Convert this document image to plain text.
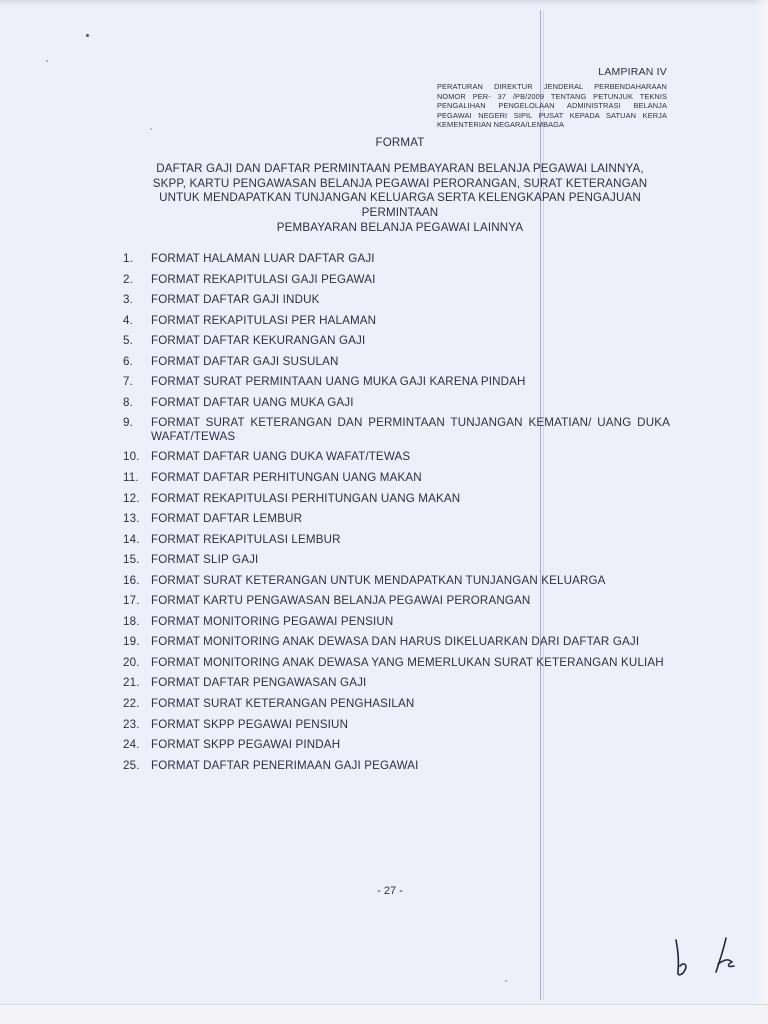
LAMPIRAN IV
PERATURAN DIREKTUR JENDERAL PERBENDAHARAAN
NOMOR PER- 37 /PB/2009 TENTANG PETUNJUK TEKNIS
PENGALIHAN PENGELOLAAN ADMINISTRASI BELANJA
PEGAWAI NEGERI SIPIL PUSAT KEPADA SATUAN KERJA
KEMENTERIAN NEGARA/LEMBAGA
FORMAT
DAFTAR GAJI DAN DAFTAR PERMINTAAN PEMBAYARAN BELANJA PEGAWAI LAINNYA,
SKPP, KARTU PENGAWASAN BELANJA PEGAWAI PERORANGAN, SURAT KETERANGAN
UNTUK MENDAPATKAN TUNJANGAN KELUARGA SERTA KELENGKAPAN PENGAJUAN
PERMINTAAN
PEMBAYARAN BELANJA PEGAWAI LAINNYA
1.	FORMAT HALAMAN LUAR DAFTAR GAJI
2.	FORMAT REKAPITULASI GAJI PEGAWAI
3.	FORMAT DAFTAR GAJI INDUK
4.	FORMAT REKAPITULASI PER HALAMAN
5.	FORMAT DAFTAR KEKURANGAN GAJI
6.	FORMAT DAFTAR GAJI SUSULAN
7.	FORMAT SURAT PERMINTAAN UANG MUKA GAJI KARENA PINDAH
8.	FORMAT DAFTAR UANG MUKA GAJI
9.	FORMAT SURAT KETERANGAN DAN PERMINTAAN TUNJANGAN KEMATIAN/ UANG DUKA WAFAT/TEWAS
10. FORMAT DAFTAR UANG DUKA WAFAT/TEWAS
11.	FORMAT DAFTAR PERHITUNGAN UANG MAKAN
12. FORMAT REKAPITULASI PERHITUNGAN UANG MAKAN
13. FORMAT DAFTAR LEMBUR
14. FORMAT REKAPITULASI LEMBUR
15. FORMAT SLIP GAJI
16. FORMAT SURAT KETERANGAN UNTUK MENDAPATKAN TUNJANGAN KELUARGA
17. FORMAT KARTU PENGAWASAN BELANJA PEGAWAI PERORANGAN
18. FORMAT MONITORING PEGAWAI PENSIUN
19. FORMAT MONITORING ANAK DEWASA DAN HARUS DIKELUARKAN DARI DAFTAR GAJI
20. FORMAT MONITORING ANAK DEWASA YANG MEMERLUKAN SURAT KETERANGAN KULIAH
21. FORMAT DAFTAR PENGAWASAN GAJI
22. FORMAT SURAT KETERANGAN PENGHASILAN
23. FORMAT SKPP PEGAWAI PENSIUN
24. FORMAT SKPP PEGAWAI PINDAH
25. FORMAT DAFTAR PENERIMAAN GAJI PEGAWAI
- 27 -
